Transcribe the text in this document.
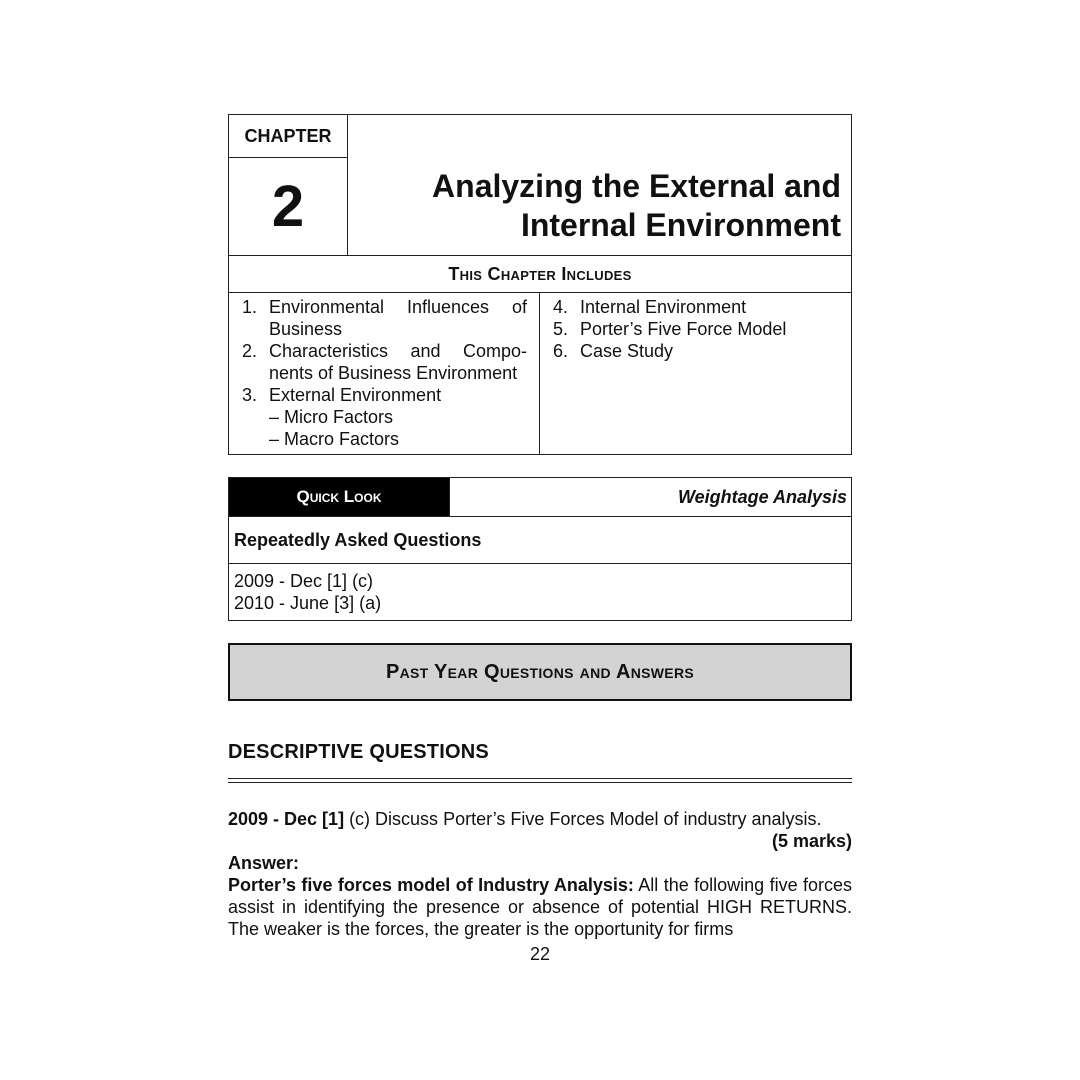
CHAPTER
2	Analyzing the External and
Internal Environment
This Chapter Includes
1. Environmental Influences of Business
2. Characteristics and Compo- nents of Business Environment
3. External Environment
– Micro Factors
– Macro Factors
4. Internal Environment
5. Porter’s Five Force Model
6. Case Study
Quick Look	Weightage Analysis
Repeatedly Asked Questions
2009 - Dec [1] (c)
2010 - June [3] (a)
Past Year Questions and Answers
DESCRIPTIVE QUESTIONS
2009 - Dec [1] (c) Discuss Porter’s Five Forces Model of industry analysis.
(5 marks)
Answer:
Porter’s five forces model of Industry Analysis: All the following five forces assist in identifying the presence or absence of potential HIGH RETURNS. The weaker is the forces, the greater is the opportunity for firms
22
